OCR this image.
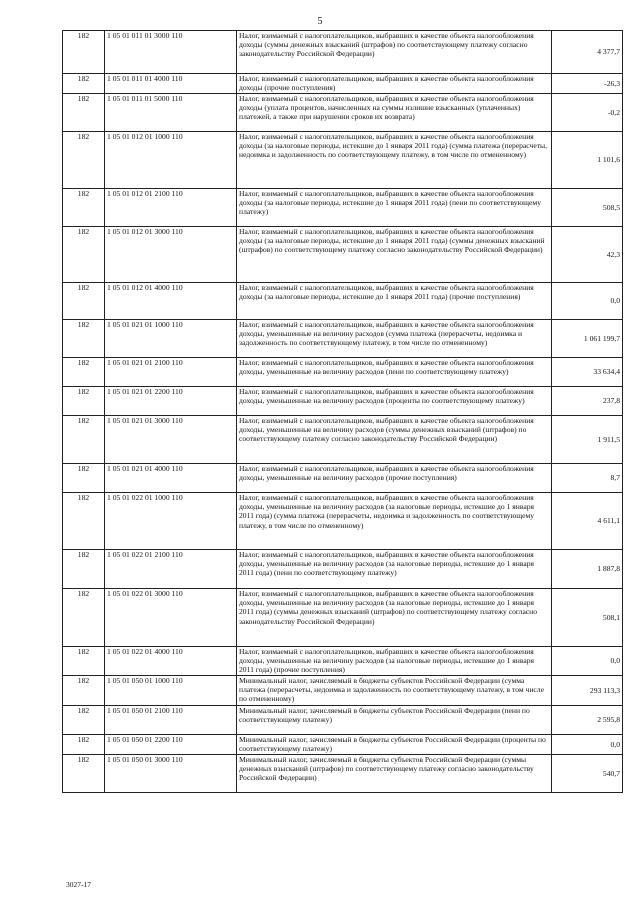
5
182	1 05 01 011 01 3000 110	Налог, взимаемый с налогоплательщиков, выбравших в качестве объекта налогообложения доходы (суммы денежных взысканий (штрафов) по соответствующему платежу согласно законодательству Российской Федерации)	4 377,7
182	1 05 01 011 01 4000 110	Налог, взимаемый с налогоплательщиков, выбравших в качестве объекта налогообложения доходы (прочие поступления)	-26,3
182	1 05 01 011 01 5000 110	Налог, взимаемый с налогоплательщиков, выбравших в качестве объекта налогообложения доходы (уплата процентов, начисленных на суммы излишне взысканных (уплаченных) платежей, а также при нарушении сроков их возврата)	-0,2
182	1 05 01 012 01 1000 110	Налог, взимаемый с налогоплательщиков, выбравших в качестве объекта налогообложения доходы (за налоговые периоды, истекшие до 1 января 2011 года) (сумма платежа (перерасчеты, недоимка и задолженность по соответствующему платежу, в том числе по отмененному)	1 101,6
182	1 05 01 012 01 2100 110	Налог, взимаемый с налогоплательщиков, выбравших в качестве объекта налогообложения доходы (за налоговые периоды, истекшие до 1 января 2011 года) (пени по соответствующему платежу)	508,5
182	1 05 01 012 01 3000 110	Налог, взимаемый с налогоплательщиков, выбравших в качестве объекта налогообложения доходы (за налоговые периоды, истекшие до 1 января 2011 года) (суммы денежных взысканий (штрафов) по соответствующему платежу согласно законодательству Российской Федерации)	42,3
182	1 05 01 012 01 4000 110	Налог, взимаемый с налогоплательщиков, выбравших в качестве объекта налогообложения доходы (за налоговые периоды, истекшие до 1 января 2011 года) (прочие поступления)	0,0
182	1 05 01 021 01 1000 110	Налог, взимаемый с налогоплательщиков, выбравших в качестве объекта налогообложения доходы, уменьшенные на величину расходов (сумма платежа (перерасчеты, недоимка и задолженность по соответствующему платежу, в том числе по отмененному)	1 061 199,7
182	1 05 01 021 01 2100 110	Налог, взимаемый с налогоплательщиков, выбравших в качестве объекта налогообложения доходы, уменьшенные на величину расходов (пени по соответствующему платежу)	33 634,4
182	1 05 01 021 01 2200 110	Налог, взимаемый с налогоплательщиков, выбравших в качестве объекта налогообложения доходы, уменьшенные на величину расходов (проценты по соответствующему платежу)	237,8
182	1 05 01 021 01 3000 110	Налог, взимаемый с налогоплательщиков, выбравших в качестве объекта налогообложения доходы, уменьшенные на величину расходов (суммы денежных взысканий (штрафов) по соответствующему платежу согласно законодательству Российской Федерации)	1 911,5
182	1 05 01 021 01 4000 110	Налог, взимаемый с налогоплательщиков, выбравших в качестве объекта налогообложения доходы, уменьшенные на величину расходов (прочие поступления)	8,7
182	1 05 01 022 01 1000 110	Налог, взимаемый с налогоплательщиков, выбравших в качестве объекта налогообложения доходы, уменьшенные на величину расходов (за налоговые периоды, истекшие до 1 января 2011 года) (сумма платежа (перерасчеты, недоимка и задолженность по соответствующему платежу, в том числе по отмененному)	4 611,1
182	1 05 01 022 01 2100 110	Налог, взимаемый с налогоплательщиков, выбравших в качестве объекта налогообложения доходы, уменьшенные на величину расходов (за налоговые периоды, истекшие до 1 января 2011 года) (пени по соответствующему платежу)	1 887,8
182	1 05 01 022 01 3000 110	Налог, взимаемый с налогоплательщиков, выбравших в качестве объекта налогообложения доходы, уменьшенные на величину расходов (за налоговые периоды, истекшие до 1 января 2011 года) (суммы денежных взысканий (штрафов) по соответствующему платежу согласно законодательству Российской Федерации)	508,1
182	1 05 01 022 01 4000 110	Налог, взимаемый с налогоплательщиков, выбравших в качестве объекта налогообложения доходы, уменьшенные на величину расходов (за налоговые периоды, истекшие до 1 января 2011 года) (прочие поступления)	0,0
182	1 05 01 050 01 1000 110	Минимальный налог, зачисляемый в бюджеты субъектов Российской Федерации (сумма платежа (перерасчеты, недоимка и задолженность по соответствующему платежу, в том числе по отмененному)	293 113,3
182	1 05 01 050 01 2100 110	Минимальный налог, зачисляемый в бюджеты субъектов Российской Федерации (пени по соответствующему платежу)	2 595,8
182	1 05 01 050 01 2200 110	Минимальный налог, зачисляемый в бюджеты субъектов Российской Федерации (проценты по соответствующему платежу)	0,0
182	1 05 01 050 01 3000 110	Минимальный налог, зачисляемый в бюджеты субъектов Российской Федерации (суммы денежных взысканий (штрафов) по соответствующему платежу согласно законодательству Российской Федерации)	540,7
3027-17
